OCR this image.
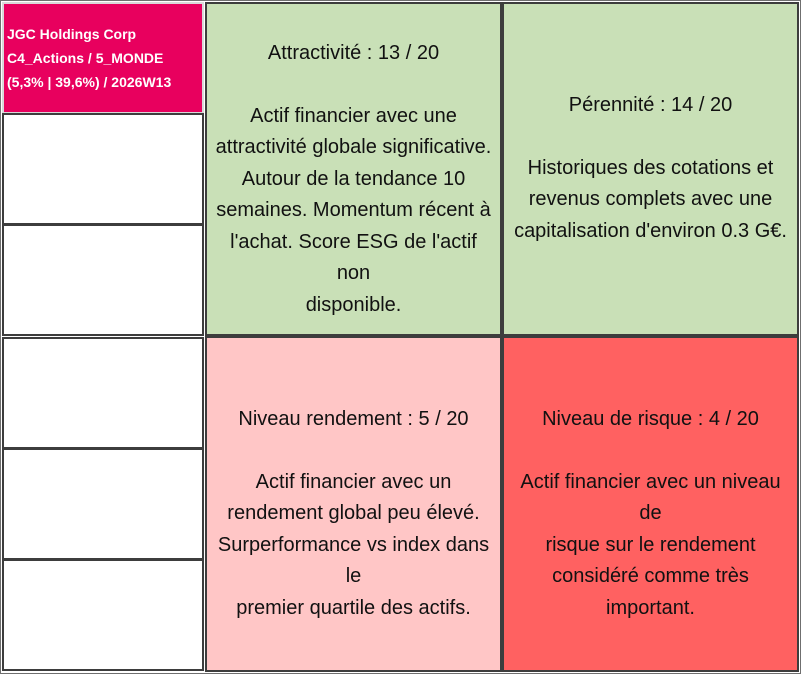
JGC Holdings Corp
C4_Actions / 5_MONDE
(5,3% | 39,6%) / 2026W13
Attractivité : 13 / 20
Actif financier avec une
attractivité globale significative.
Autour de la tendance 10
semaines. Momentum récent à
l'achat. Score ESG de l'actif non
disponible.
Pérennité : 14 / 20
Historiques des cotations et
revenus complets avec une
capitalisation d'environ 0.3 G€.
Niveau rendement : 5 / 20
Actif financier avec un
rendement global peu élevé.
Surperformance vs index dans le
premier quartile des actifs.
Niveau de risque : 4 / 20
Actif financier avec un niveau de
risque sur le rendement
considéré comme très
important.
